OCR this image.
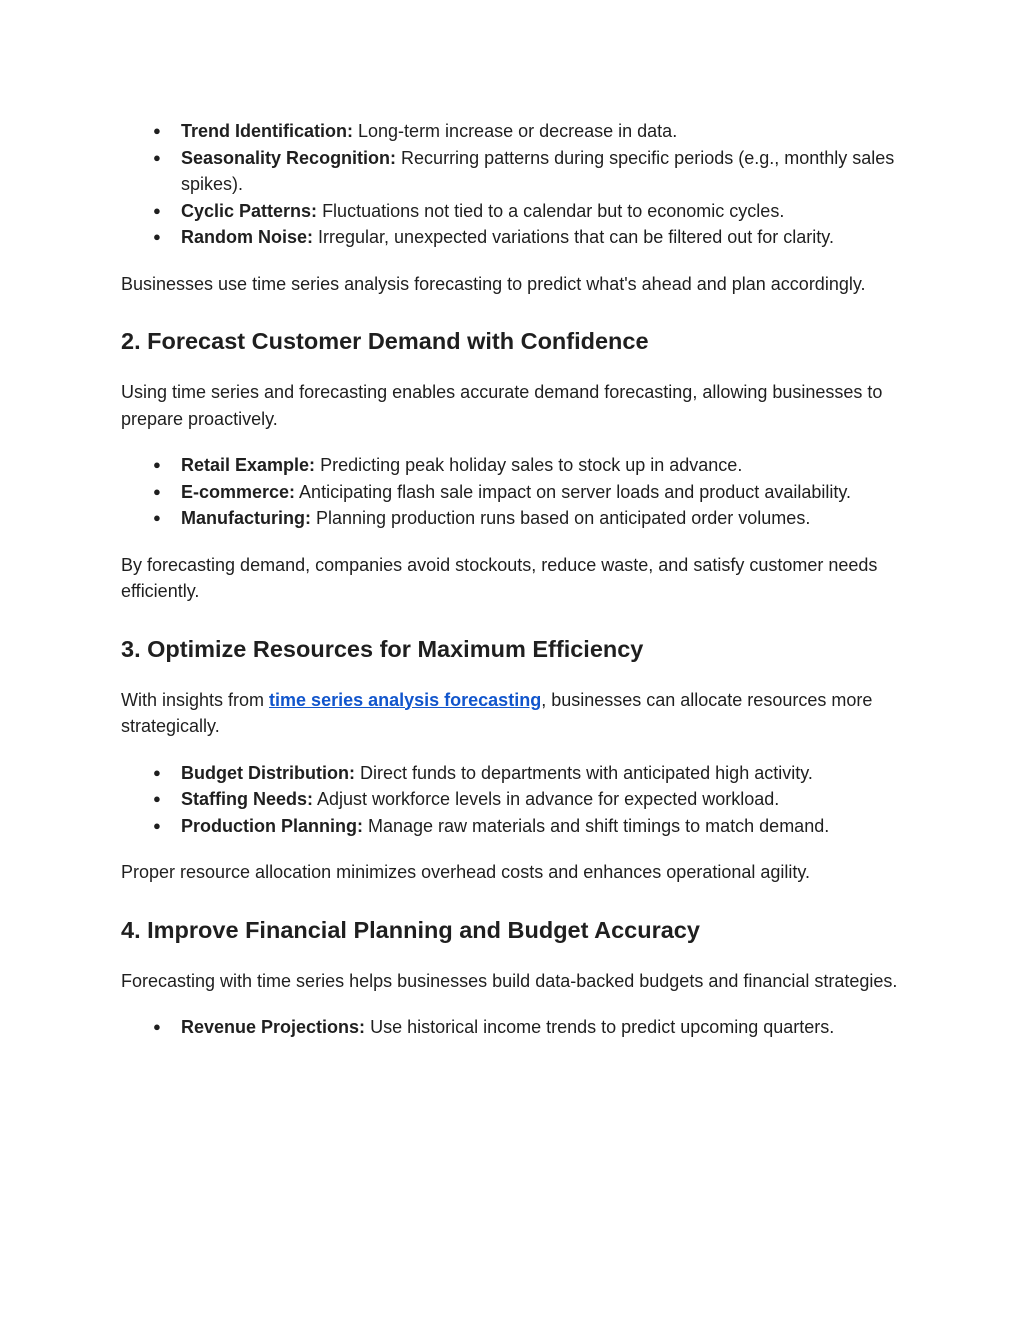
● Trend Identification: Long-term increase or decrease in data.
● Seasonality Recognition: Recurring patterns during specific periods (e.g., monthly sales spikes).
● Cyclic Patterns: Fluctuations not tied to a calendar but to economic cycles.
● Random Noise: Irregular, unexpected variations that can be filtered out for clarity.

Businesses use time series analysis forecasting to predict what's ahead and plan accordingly.

2. Forecast Customer Demand with Confidence

Using time series and forecasting enables accurate demand forecasting, allowing businesses to prepare proactively.

● Retail Example: Predicting peak holiday sales to stock up in advance.
● E-commerce: Anticipating flash sale impact on server loads and product availability.
● Manufacturing: Planning production runs based on anticipated order volumes.

By forecasting demand, companies avoid stockouts, reduce waste, and satisfy customer needs efficiently.

3. Optimize Resources for Maximum Efficiency

With insights from time series analysis forecasting, businesses can allocate resources more strategically.

● Budget Distribution: Direct funds to departments with anticipated high activity.
● Staffing Needs: Adjust workforce levels in advance for expected workload.
● Production Planning: Manage raw materials and shift timings to match demand.

Proper resource allocation minimizes overhead costs and enhances operational agility.

4. Improve Financial Planning and Budget Accuracy

Forecasting with time series helps businesses build data-backed budgets and financial strategies.

● Revenue Projections: Use historical income trends to predict upcoming quarters.
